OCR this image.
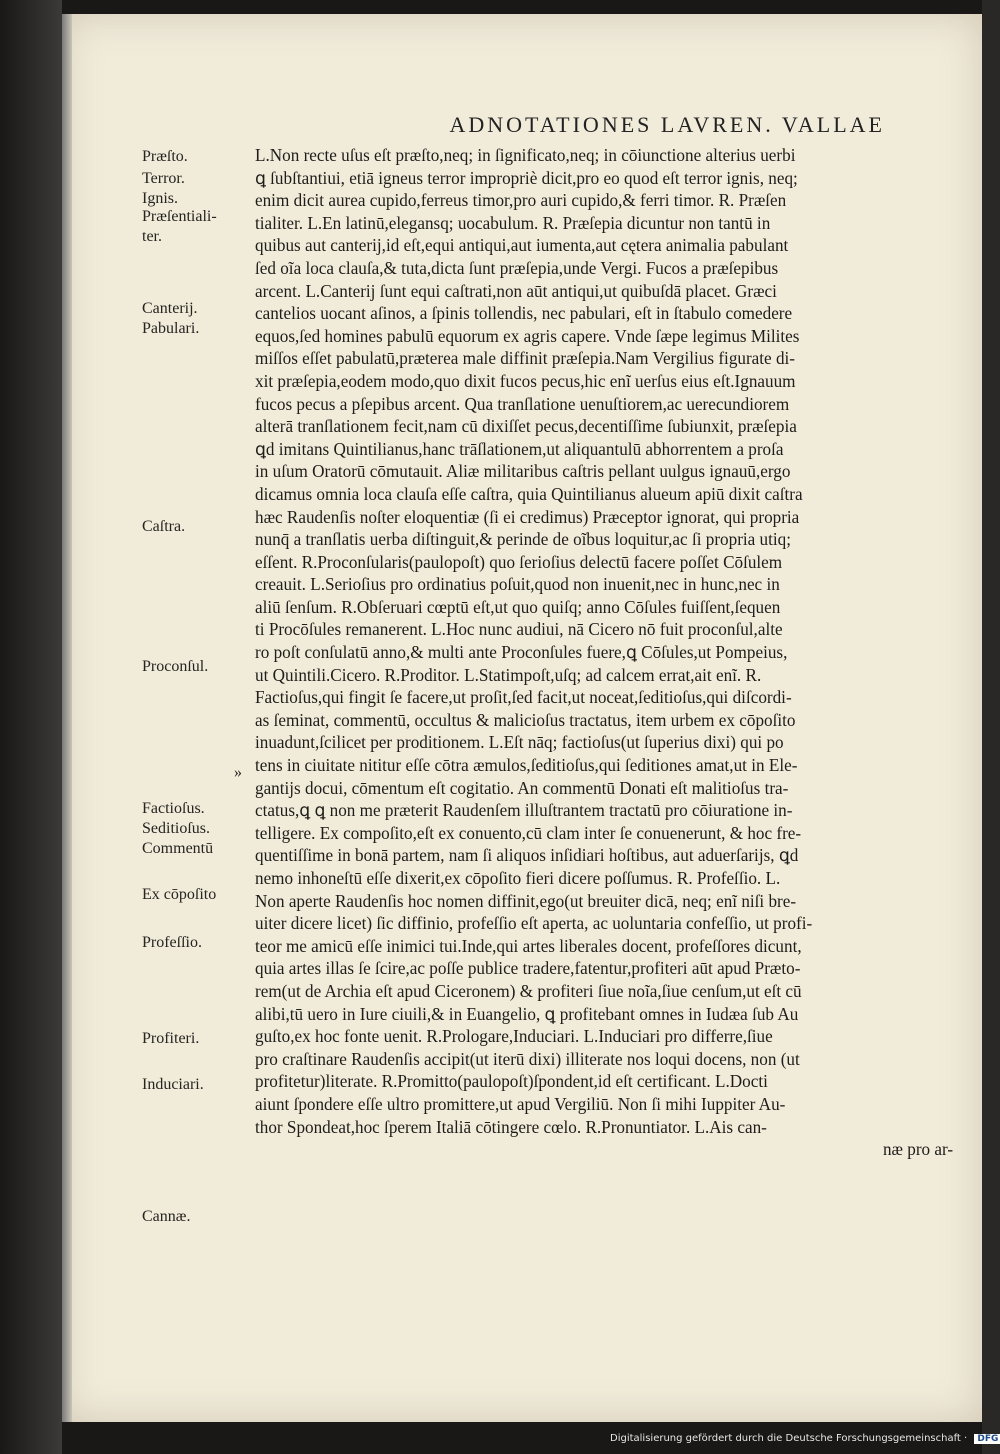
ADNOTATIONES LAVREN. VALLAE
Præſto.
Terror.
Ignis.
Præſentiali-
ter.
Canterij.
Pabulari.
Caſtra.
Proconſul.
»
Factioſus.
Seditioſus.
Commentū
Ex cōpoſito
Profeſſio.
Profiteri.
Induciari.
Cannæ.
L.Non recte uſus eſt præſto,neq; in ſignificato,neq; in cōiunctione alterius uerbi
ꝗ ſubſtantiui, etiā igneus terror impropriè dicit,pro eo quod eſt terror ignis, neq;
enim dicit aurea cupido,ferreus timor,pro auri cupido,& ferri timor. R. Præſen
tialiter. L.En latinū,elegansq; uocabulum. R. Præſepia dicuntur non tantū in
quibus aut canterij,id eſt,equi antiqui,aut iumenta,aut cętera animalia pabulant
ſed oĩa loca clauſa,& tuta,dicta ſunt præſepia,unde Vergi. Fucos a præſepibus
arcent. L.Canterij ſunt equi caſtrati,non aūt antiqui,ut quibuſdā placet. Græci
cantelios uocant aſinos, a ſpinis tollendis, nec pabulari, eſt in ſtabulo comedere
equos,ſed homines pabulū equorum ex agris capere. Vnde ſæpe legimus Milites
miſſos eſſet pabulatū,præterea male diffinit præſepia.Nam Vergilius figurate di-
xit præſepia,eodem modo,quo dixit fucos pecus,hic enĩ uerſus eius eſt.Ignauum
fucos pecus a pſepibus arcent. Qua tranſlatione uenuſtiorem,ac uerecundiorem
alterā tranſlationem fecit,nam cū dixiſſet pecus,decentiſſime ſubiunxit, præſepia
ꝗd imitans Quintilianus,hanc trāſlationem,ut aliquantulū abhorrentem a proſa
in uſum Oratorū cōmutauit. Aliæ militaribus caſtris pellant uulgus ignauū,ergo
dicamus omnia loca clauſa eſſe caſtra, quia Quintilianus alueum apiū dixit caſtra
hæc Raudenſis noſter eloquentiæ (ſi ei credimus) Præceptor ignorat, qui propria
nunq̄ a tranſlatis uerba diſtinguit,& perinde de oĩbus loquitur,ac ſi propria utiq;
eſſent. R.Proconſularis(paulopoſt) quo ſerioſius delectū facere poſſet Cōſulem
creauit. L.Serioſius pro ordinatius poſuit,quod non inuenit,nec in hunc,nec in
aliū ſenſum. R.Obſeruari cœptū eſt,ut quo quiſq; anno Cōſules fuiſſent,ſequen
ti Procōſules remanerent. L.Hoc nunc audiui, nā Cicero nō fuit proconſul,alte
ro poſt conſulatū anno,& multi ante Proconſules fuere,ꝗ Cōſules,ut Pompeius,
ut Quintili.Cicero. R.Proditor. L.Statimpoſt,uſq; ad calcem errat,ait enĩ. R.
Factioſus,qui fingit ſe facere,ut proſit,ſed facit,ut noceat,ſeditioſus,qui diſcordi-
as ſeminat, commentū, occultus & malicioſus tractatus, item urbem ex cōpoſito
inuadunt,ſcilicet per proditionem. L.Eſt nāq; factioſus(ut ſuperius dixi) qui po
tens in ciuitate nititur eſſe cōtra æmulos,ſeditioſus,qui ſeditiones amat,ut in Ele-
gantijs docui, cōmentum eſt cogitatio. An commentū Donati eſt malitioſus tra-
ctatus,ꝗ ꝗ non me præterit Raudenſem illuſtrantem tractatū pro cōiuratione in-
telligere. Ex compoſito,eſt ex conuento,cū clam inter ſe conuenerunt, & hoc fre-
quentiſſime in bonā partem, nam ſi aliquos inſidiari hoſtibus, aut aduerſarijs, ꝗd
nemo inhoneſtū eſſe dixerit,ex cōpoſito fieri dicere poſſumus. R. Profeſſio. L.
Non aperte Raudenſis hoc nomen diffinit,ego(ut breuiter dicā, neq; enĩ niſi bre-
uiter dicere licet) ſic diffinio, profeſſio eſt aperta, ac uoluntaria confeſſio, ut profi-
teor me amicū eſſe inimici tui.Inde,qui artes liberales docent, profeſſores dicunt,
quia artes illas ſe ſcire,ac poſſe publice tradere,fatentur,profiteri aūt apud Præto-
rem(ut de Archia eſt apud Ciceronem) & profiteri ſiue noĩa,ſiue cenſum,ut eſt cū
alibi,tū uero in Iure ciuili,& in Euangelio, ꝗ profitebant omnes in Iudæa ſub Au
guſto,ex hoc fonte uenit. R.Prologare,Induciari. L.Induciari pro differre,ſiue
pro craſtinare Raudenſis accipit(ut iterū dixi) illiterate nos loqui docens, non (ut
profitetur)literate. R.Promitto(paulopoſt)ſpondent,id eſt certificant. L.Docti
aiunt ſpondere eſſe ultro promittere,ut apud Vergiliū. Non ſi mihi Iuppiter Au-
thor Spondeat,hoc ſperem Italiā cōtingere cœlo. R.Pronuntiator. L.Ais can-
næ pro ar-
Digitalisierung gefördert durch die Deutsche Forschungsgemeinschaft · DFG
